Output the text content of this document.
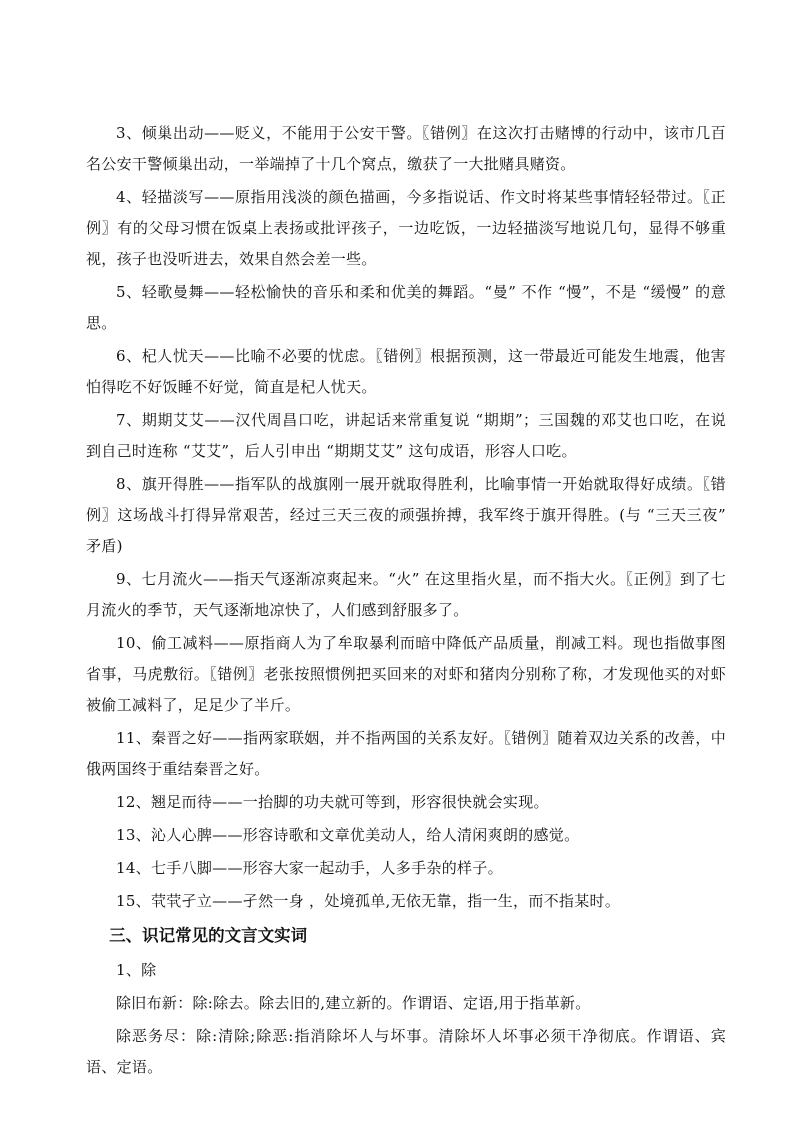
3、倾巢出动——贬义，不能用于公安干警。〖错例〗在这次打击赌博的行动中，该市几百名公安干警倾巢出动，一举端掉了十几个窝点，缴获了一大批赌具赌资。

4、轻描淡写——原指用浅淡的颜色描画，今多指说话、作文时将某些事情轻轻带过。〖正例〗有的父母习惯在饭桌上表扬或批评孩子，一边吃饭，一边轻描淡写地说几句，显得不够重视，孩子也没听进去，效果自然会差一些。

5、轻歌曼舞——轻松愉快的音乐和柔和优美的舞蹈。“曼” 不作 “慢”，不是 “缓慢” 的意思。

6、杞人忧天——比喻不必要的忧虑。〖错例〗根据预测，这一带最近可能发生地震，他害怕得吃不好饭睡不好觉，简直是杞人忧天。

7、期期艾艾——汉代周昌口吃，讲起话来常重复说 “期期”；三国魏的邓艾也口吃，在说到自己时连称 “艾艾”，后人引申出 “期期艾艾” 这句成语，形容人口吃。

8、旗开得胜——指军队的战旗刚一展开就取得胜利，比喻事情一开始就取得好成绩。〖错例〗这场战斗打得异常艰苦，经过三天三夜的顽强拚搏，我军终于旗开得胜。(与 “三天三夜” 矛盾)

9、七月流火——指天气逐渐凉爽起来。“火” 在这里指火星，而不指大火。〖正例〗到了七月流火的季节，天气逐渐地凉快了，人们感到舒服多了。

10、偷工减料——原指商人为了牟取暴利而暗中降低产品质量，削减工料。现也指做事图省事，马虎敷衍。〖错例〗老张按照惯例把买回来的对虾和猪肉分别称了称，才发现他买的对虾被偷工减料了，足足少了半斤。

11、秦晋之好——指两家联姻，并不指两国的关系友好。〖错例〗随着双边关系的改善，中俄两国终于重结秦晋之好。

12、翘足而待——一抬脚的功夫就可等到，形容很快就会实现。

13、沁人心脾——形容诗歌和文章优美动人，给人清闲爽朗的感觉。

14、七手八脚——形容大家一起动手，人多手杂的样子。

15、茕茕孑立——孑然一身 ，处境孤单,无依无靠，指一生，而不指某时。

三、识记常见的文言文实词

1、除

除旧布新：除:除去。除去旧的,建立新的。作谓语、定语,用于指革新。

除恶务尽：除:清除;除恶:指消除坏人与坏事。清除坏人坏事必须干净彻底。作谓语、宾语、定语。
